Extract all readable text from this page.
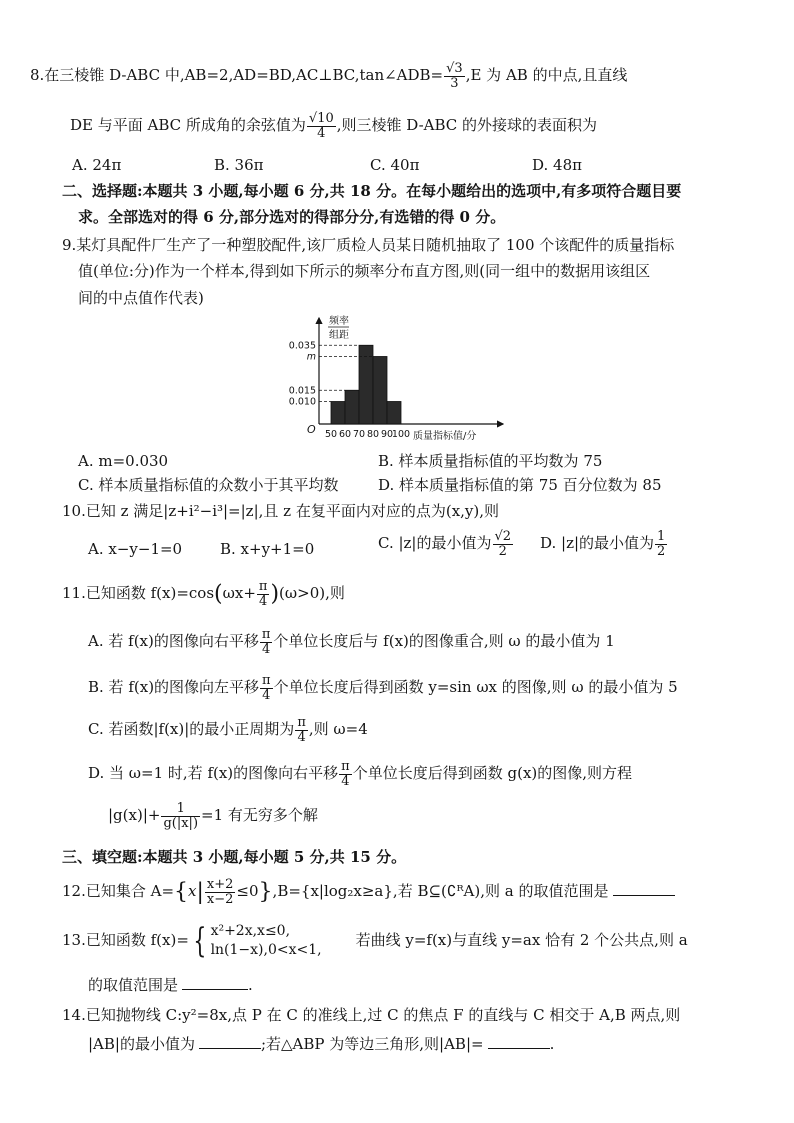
8.在三棱锥 D-ABC 中,AB=2,AD=BD,AC⊥BC,tan∠ADB= $\frac{√3}{3} ,E$ 为 AB 的中点,且直线
DE 与平面 ABC 所成角的余弦值为 $\frac{√10}{4}$ ,则三棱锥 D-ABC 的外接球的表面积为
A. 24π	B. 36π	C. 40π	D. 48π
二、选择题:本题共 3 小题,每小题 6 分,共 18 分。在每小题给出的选项中,有多项符合题目要
求。全部选对的得 6 分,部分选对的得部分分,有选错的得 0 分。
9.某灯具配件厂生产了一种塑胶配件,该厂质检人员某日随机抽取了 100 个该配件的质量指标
值(单位:分)作为一个样本,得到如下所示的频率分布直方图,则(同一组中的数据用该组区
间的中点值作代表)
频率
组距
O
0.010
0.015
m
0.035
50 60 70 80 90
100 质量指标值/分
A. m=0.030	B. 样本质量指标值的平均数为 75
C. 样本质量指标值的众数小于其平均数	D. 样本质量指标值的第 75 百分位数为 85
10.已知 z 满足|z+i²−i³|=|z|,且 z 在复平面内对应的点为(x,y),则
A. x−y−1=0	B. x+y+1=0	C. |z|的最小值为 $\frac{√2}{2} D$. |z|的最小值为 $\frac{1}{2}$
11.已知函数 $f(x)=\cos(\omega x+ \frac{\pi}{4} )(\omega>0)$,则
A. 若 f(x)的图像向右平移 $\frac{\pi}{4}$ 个单位长度后与 f(x)的图像重合,则 ω 的最小值为 1
B. 若 f(x)的图像向左平移 $\frac{\pi}{4}$ 个单位长度后得到函数 y=sin ωx 的图像,则 ω 的最小值为 5
C. 若函数|f(x)|的最小正周期为 $\frac{\pi}{4}$ ,则 ω=4
D. 当 ω=1 时,若 f(x)的图像向右平移 $\frac{\pi}{4}$ 个单位长度后得到函数 g(x)的图像,则方程
$|g(x)|+ \frac{1}{g(|x|)} =1$ 有无穷多个解
三、填空题:本题共 3 小题,每小题 5 分,共 15 分。
12.已知集合 $A=\{x| \frac{x+2}{x-2} \le 0\},B=\{x|\log_2x\ge a\}$,若 B⊆(∁ᴿA),则 a 的取值范围是
13.已知函数 f(x)= { x²+2x,x≤0,
ln(1−x),0<x<1,
若曲线 y=f(x)与直线 y=ax 恰有 2 个公共点,则 a
的取值范围是	.
14.已知抛物线 C:y²=8x,点 P 在 C 的准线上,过 C 的焦点 F 的直线与 C 相交于 A,B 两点,则
|AB|的最小值为	;若△ABP 为等边三角形,则|AB|=	.
